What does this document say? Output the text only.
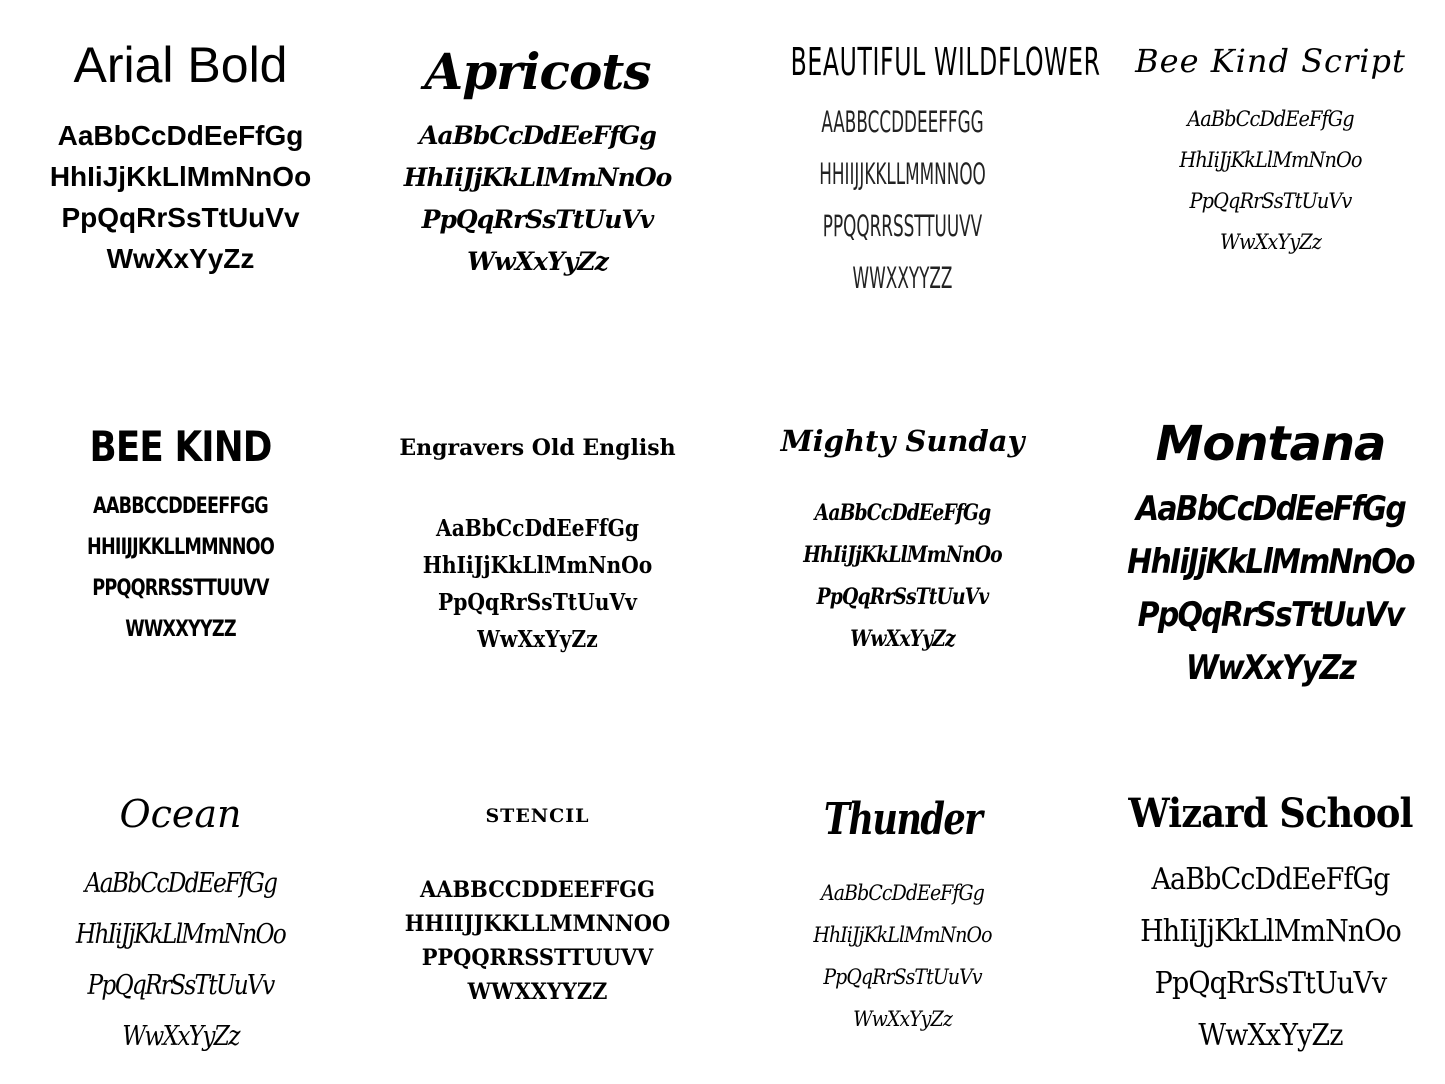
Arial Bold
AaBbCcDdEeFfGg
HhIiJjKkLlMmNnOo
PpQqRrSsTtUuVv
WwXxYyZz
Apricots
AaBbCcDdEeFfGg
HhIiJjKkLlMmNnOo
PpQqRrSsTtUuVv
WwXxYyZz
BEAUTIFUL WILDFLOWER
AABBCCDDEEFFGG
HHIIJJKKLLMMNNOO
PPQQRRSSTTUUVV
WWXXYYZZ
Bee Kind Script
AaBbCcDdEeFfGg
HhIiJjKkLlMmNnOo
PpQqRrSsTtUuVv
WwXxYyZz
BEE KIND
AABBCCDDEEFFGG
HHIIJJKKLLMMNNOO
PPQQRRSSTTUUVV
WWXXYYZZ
Engravers Old English
AaBbCcDdEeFfGg
HhIiJjKkLlMmNnOo
PpQqRrSsTtUuVv
WwXxYyZz
Mighty Sunday
AaBbCcDdEeFfGg
HhIiJjKkLlMmNnOo
PpQqRrSsTtUuVv
WwXxYyZz
Montana
AaBbCcDdEeFfGg
HhIiJjKkLlMmNnOo
PpQqRrSsTtUuVv
WwXxYyZz
Ocean
AaBbCcDdEeFfGg
HhIiJjKkLlMmNnOo
PpQqRrSsTtUuVv
WwXxYyZz
STENCIL
AABBCCDDEEFFGG
HHIIJJKKLLMMNNOO
PPQQRRSSTTUUVV
WWXXYYZZ
Thunder
AaBbCcDdEeFfGg
HhIiJjKkLlMmNnOo
PpQqRrSsTtUuVv
WwXxYyZz
Wizard School
AaBbCcDdEeFfGg
HhIiJjKkLlMmNnOo
PpQqRrSsTtUuVv
WwXxYyZz
